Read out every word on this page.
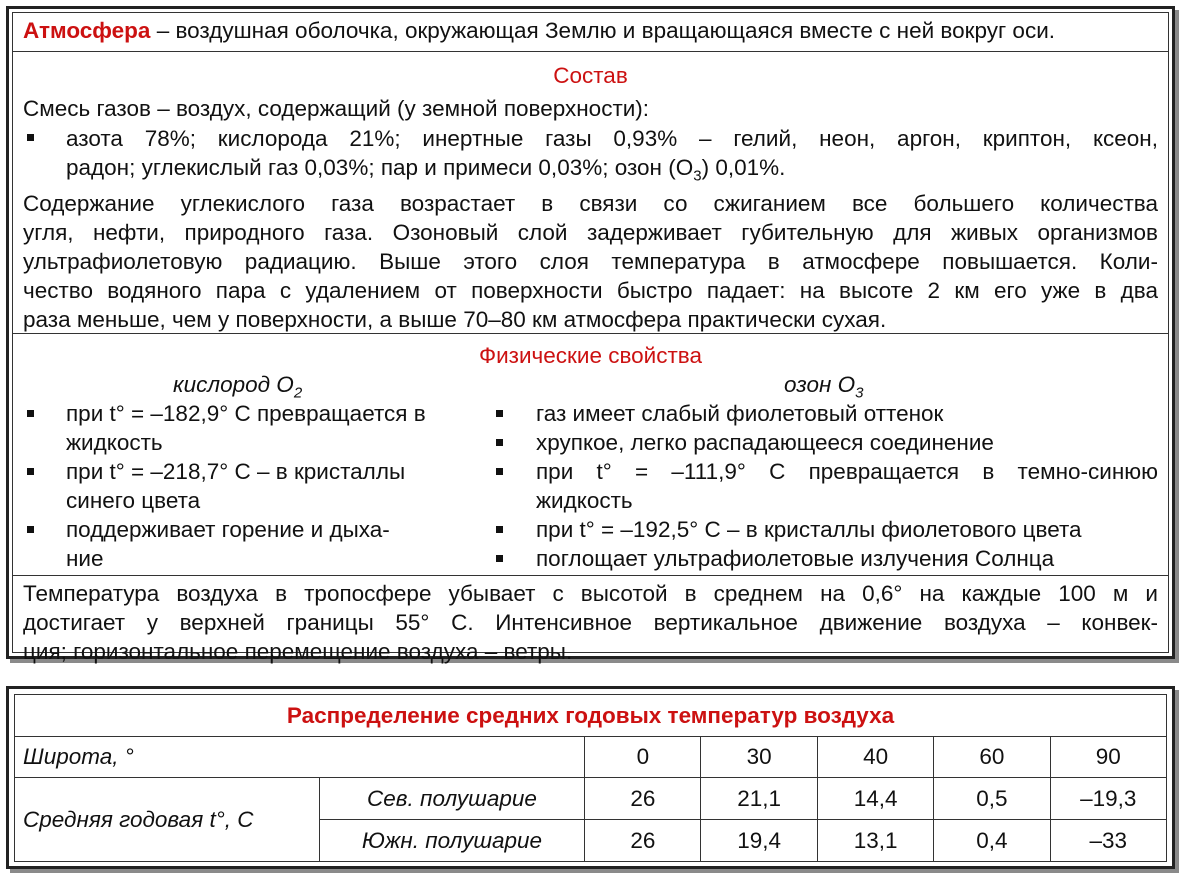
Атмосфера – воздушная оболочка, окружающая Землю и вращающаяся вместе с ней вокруг оси.
Состав
Смесь газов – воздух, содержащий (у земной поверхности):
азота 78%; кислорода 21%; инертные газы 0,93% – гелий, неон, аргон, криптон, ксеон,
радон; углекислый газ 0,03%; пар и примеси 0,03%; озон $(O_3)$ 0,01%.
Содержание углекислого газа возрастает в связи со сжиганием все большего количества
угля, нефти, природного газа. Озоновый слой задерживает губительную для живых организмов
ультрафиолетовую радиацию. Выше этого слоя температура в атмосфере повышается. Коли-
чество водяного пара с удалением от поверхности быстро падает: на высоте 2 км его уже в два
раза меньше, чем у поверхности, а выше 70–80 км атмосфера практически сухая.
Физические свойства
кислород $O_2$	озон $O_3$
при t° = –182,9° С превращается в
жидкость
при t° = –218,7° С – в кристаллы
синего цвета
поддерживает горение и дыха-
ние
газ имеет слабый фиолетовый оттенок
хрупкое, легко распадающееся соединение
при t° = –111,9° С превращается в темно-синюю
жидкость
при t° = –192,5° С – в кристаллы фиолетового цвета
поглощает ультрафиолетовые излучения Солнца
Температура воздуха в тропосфере убывает с высотой в среднем на 0,6° на каждые 100 м и
достигает у верхней границы 55° С. Интенсивное вертикальное движение воздуха – конвек-
ция; горизонтальное перемещение воздуха – ветры.
Распределение средних годовых температур воздуха						
Широта, °		0	30	40	60	90
Средняя годовая t°, С	Сев. полушарие	26	21,1	14,4	0,5	–19,3
	Южн. полушарие	26	19,4	13,1	0,4	–33
